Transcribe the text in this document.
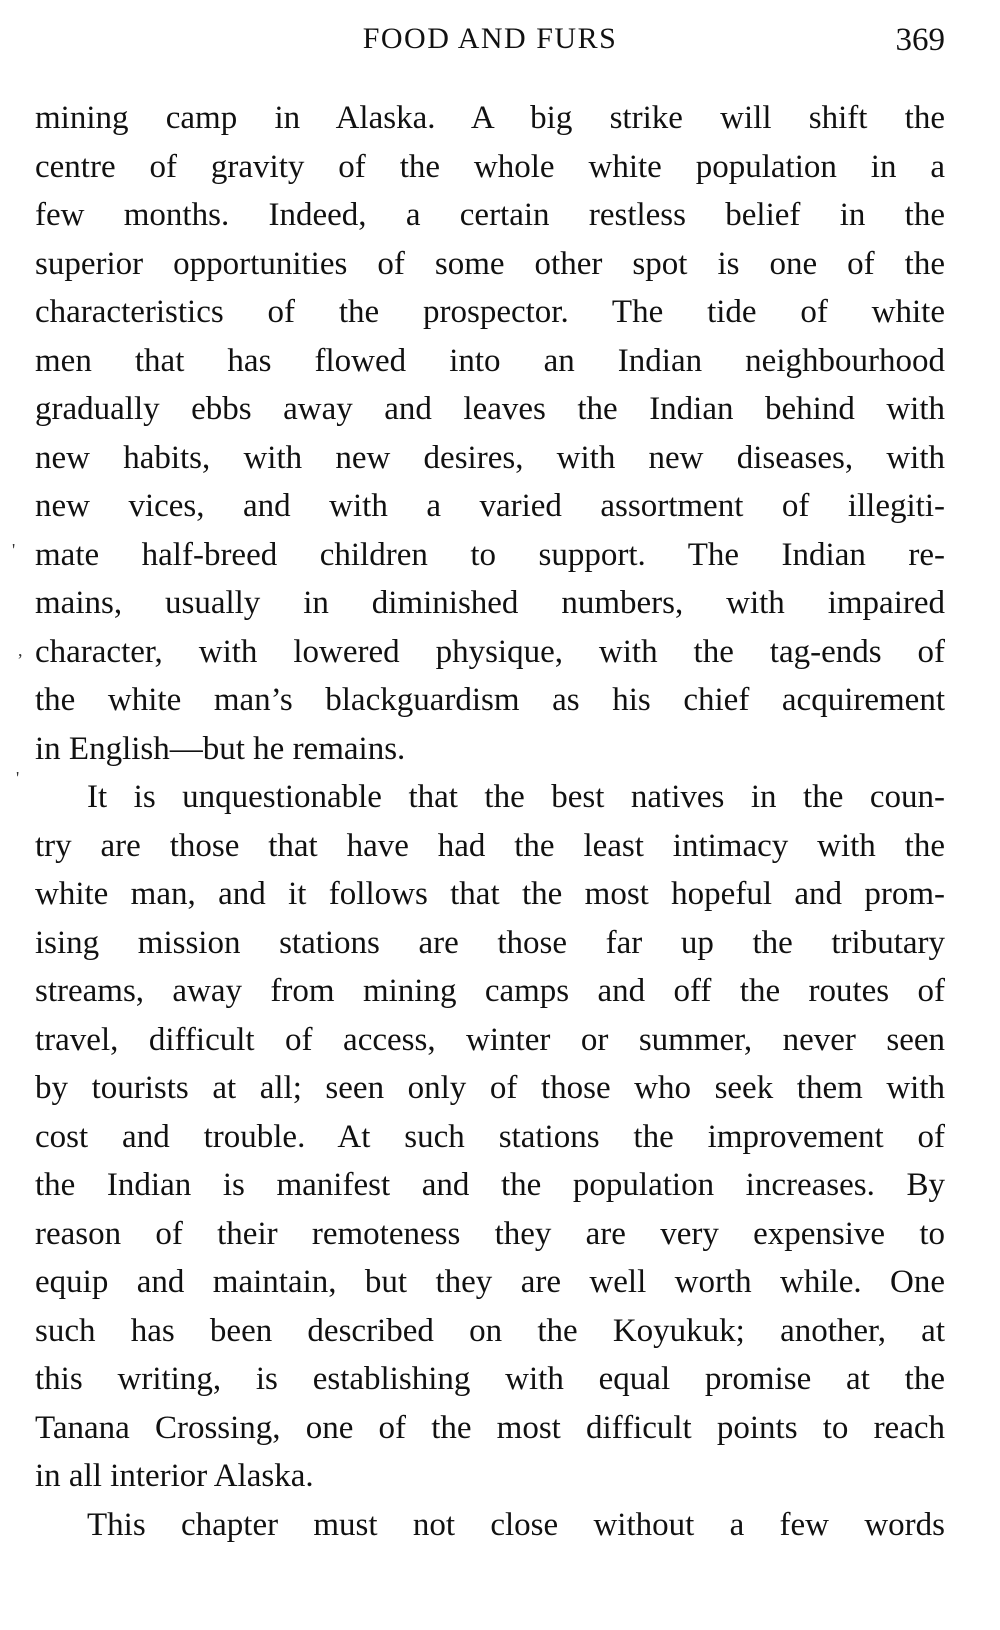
FOOD AND FURS	369
mining camp in Alaska. A big strike will shift the
centre of gravity of the whole white population in a
few months. Indeed, a certain restless belief in the
superior opportunities of some other spot is one of the
characteristics of the prospector. The tide of white
men that has flowed into an Indian neighbourhood
gradually ebbs away and leaves the Indian behind with
new habits, with new desires, with new diseases, with
new vices, and with a varied assortment of illegiti-
mate half-breed children to support. The Indian re-
mains, usually in diminished numbers, with impaired
character, with lowered physique, with the tag-ends of
the white man’s blackguardism as his chief acquirement
in English—but he remains.
It is unquestionable that the best natives in the coun-
try are those that have had the least intimacy with the
white man, and it follows that the most hopeful and prom-
ising mission stations are those far up the tributary
streams, away from mining camps and off the routes of
travel, difficult of access, winter or summer, never seen
by tourists at all; seen only of those who seek them with
cost and trouble. At such stations the improvement of
the Indian is manifest and the population increases. By
reason of their remoteness they are very expensive to
equip and maintain, but they are well worth while. One
such has been described on the Koyukuk; another, at
this writing, is establishing with equal promise at the
Tanana Crossing, one of the most difficult points to reach
in all interior Alaska.
This chapter must not close without a few words
'
,
'
